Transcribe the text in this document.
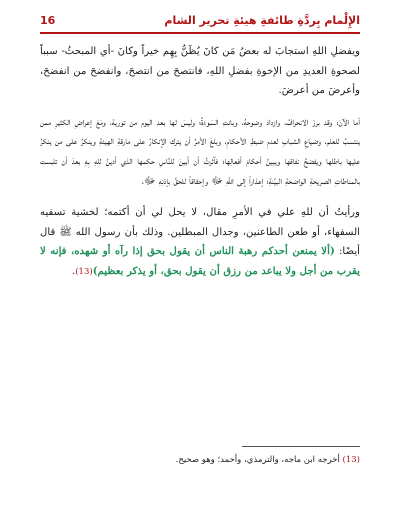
الإِلْمام بِردَّةِ طائفةِ هيئةِ تحرير الشام
16

ويفضلِ اللهِ استجابَ له بعضُ مَن كانَ يُظَنُّ بِهِم خيراً وكانَ -أي المبحثُ- سبباً لصحوةِ العديدِ من الإخوةِ بفضلِ اللهِ، فانتصحَ من انتصحَ، وانفضحَ من انفضحَ، وأعرضَ من أعرضَ.

أما الآنَ؛ وقد برزَ الانحرافُ، وازدادَ وضوحهُ، وبانتِ السَوءَةُ؛ وليسَ لها بعد اليوم من تورية، ومَعَ إعراضِ الكثيرِ ممن ينتسبُ للعلم، وضياعِ الشبابِ لعدمِ ضبطِ الأحكامِ، وبلغَ الأمرُ أن يترك الإنكارُ على مارقةِ الهيئةِ وينكرُ على من ينكرُ عليها باطلها ويفضحُ نفاقها ويبينُ أحكامَ أفعالِها؛ فآثرتُ أن أبينَ للنَّاسِ حكمها الذي أدينُ للهِ بِهِ بعدَ أن تلبست بالمناطاتِ الصريحةِ الواضحةِ البيِّنةِ؛ إعذاراً إلى اللهِ ﷻ وإحقاقاً للحقِّ بإذنِهِ ﷻ،

ورأيتُ أن للهِ علي في الأمرِ مقال، لا يحل لي أن أكتمه؛ لخشية تسفيه السفهاء، أو طعن الطاعنين، وجدال المبطلين. وذلك بأن رسول الله ﷺ قال أيضًا: (ألا يمنعن أحدكم رهبة الناس أن يقول بحق إذا رآه أو شهده، فإنه لا يقرب من أجل ولا يباعد من رزق أن يقول بحق، أو يذكر بعظيم)(13).

(13) أخرجه ابن ماجه، والترمذي، وأحمد؛ وهو صحيح.
